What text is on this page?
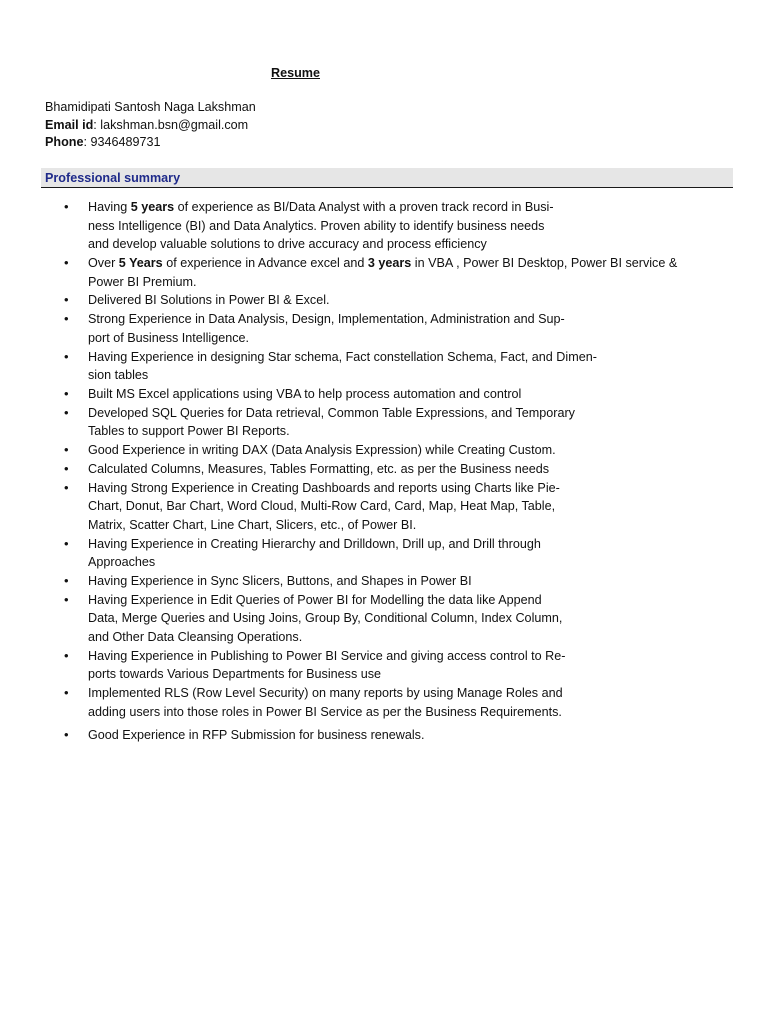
Resume
Bhamidipati Santosh Naga Lakshman
Email id: lakshman.bsn@gmail.com
Phone: 9346489731
Professional summary
• Having 5 years of experience as BI/Data Analyst with a proven track record in Busi-
ness Intelligence (BI) and Data Analytics. Proven ability to identify business needs
and develop valuable solutions to drive accuracy and process efficiency
• Over 5 Years of experience in Advance excel and 3 years in VBA , Power BI Desktop, Power BI service &
Power BI Premium.
• Delivered BI Solutions in Power BI & Excel.
• Strong Experience in Data Analysis, Design, Implementation, Administration and Sup-
port of Business Intelligence.
• Having Experience in designing Star schema, Fact constellation Schema, Fact, and Dimen-
sion tables
• Built MS Excel applications using VBA to help process automation and control
• Developed SQL Queries for Data retrieval, Common Table Expressions, and Temporary
Tables to support Power BI Reports.
• Good Experience in writing DAX (Data Analysis Expression) while Creating Custom.
• Calculated Columns, Measures, Tables Formatting, etc. as per the Business needs
• Having Strong Experience in Creating Dashboards and reports using Charts like Pie-
Chart, Donut, Bar Chart, Word Cloud, Multi-Row Card, Card, Map, Heat Map, Table,
Matrix, Scatter Chart, Line Chart, Slicers, etc., of Power BI.
• Having Experience in Creating Hierarchy and Drilldown, Drill up, and Drill through
Approaches
• Having Experience in Sync Slicers, Buttons, and Shapes in Power BI
• Having Experience in Edit Queries of Power BI for Modelling the data like Append
Data, Merge Queries and Using Joins, Group By, Conditional Column, Index Column,
and Other Data Cleansing Operations.
• Having Experience in Publishing to Power BI Service and giving access control to Re-
ports towards Various Departments for Business use
• Implemented RLS (Row Level Security) on many reports by using Manage Roles and
adding users into those roles in Power BI Service as per the Business Requirements.
• Good Experience in RFP Submission for business renewals.
